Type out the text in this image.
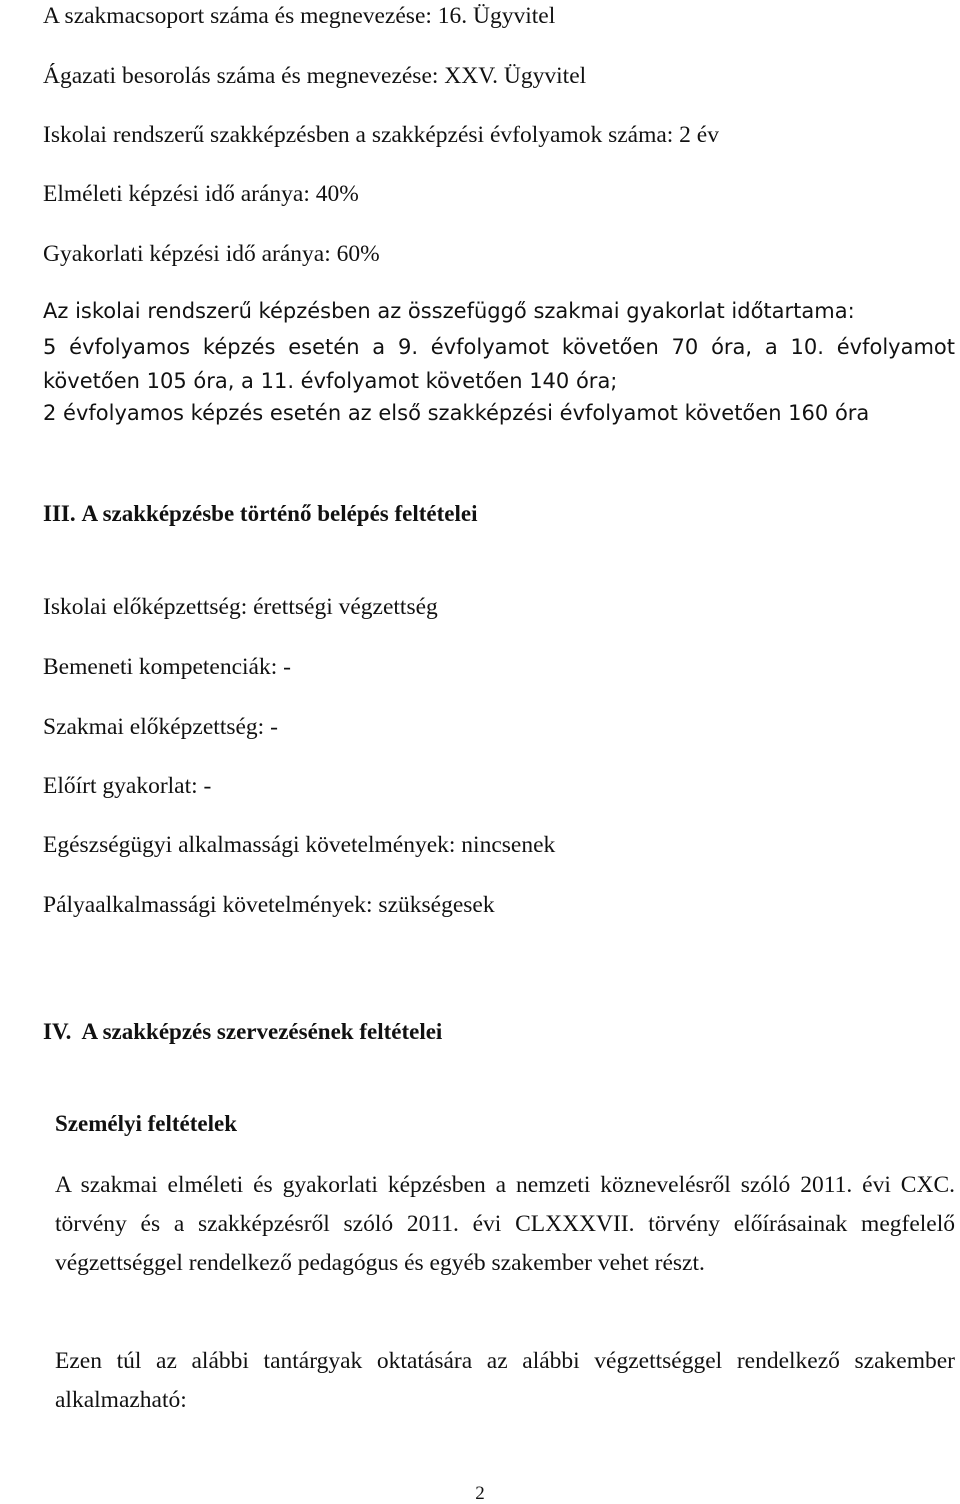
A szakmacsoport száma és megnevezése: 16. Ügyvitel
Ágazati besorolás száma és megnevezése: XXV. Ügyvitel
Iskolai rendszerű szakképzésben a szakképzési évfolyamok száma: 2 év
Elméleti képzési idő aránya: 40%
Gyakorlati képzési idő aránya: 60%
Az iskolai rendszerű képzésben az összefüggő szakmai gyakorlat időtartama:
5 évfolyamos képzés esetén a 9. évfolyamot követően 70 óra, a 10. évfolyamot
követően 105 óra, a 11. évfolyamot követően 140 óra;
2 évfolyamos képzés esetén az első szakképzési évfolyamot követően 160 óra
III. A szakképzésbe történő belépés feltételei
Iskolai előképzettség: érettségi végzettség
Bemeneti kompetenciák: -
Szakmai előképzettség: -
Előírt gyakorlat: -
Egészségügyi alkalmassági követelmények: nincsenek
Pályaalkalmassági követelmények: szükségesek
IV. A szakképzés szervezésének feltételei
Személyi feltételek
A szakmai elméleti és gyakorlati képzésben a nemzeti köznevelésről szóló 2011. évi CXC. törvény és a szakképzésről szóló 2011. évi CLXXXVII. törvény előírásainak megfelelő végzettséggel rendelkező pedagógus és egyéb szakember vehet részt.
Ezen túl az alábbi tantárgyak oktatására az alábbi végzettséggel rendelkező szakember alkalmazható:
2
